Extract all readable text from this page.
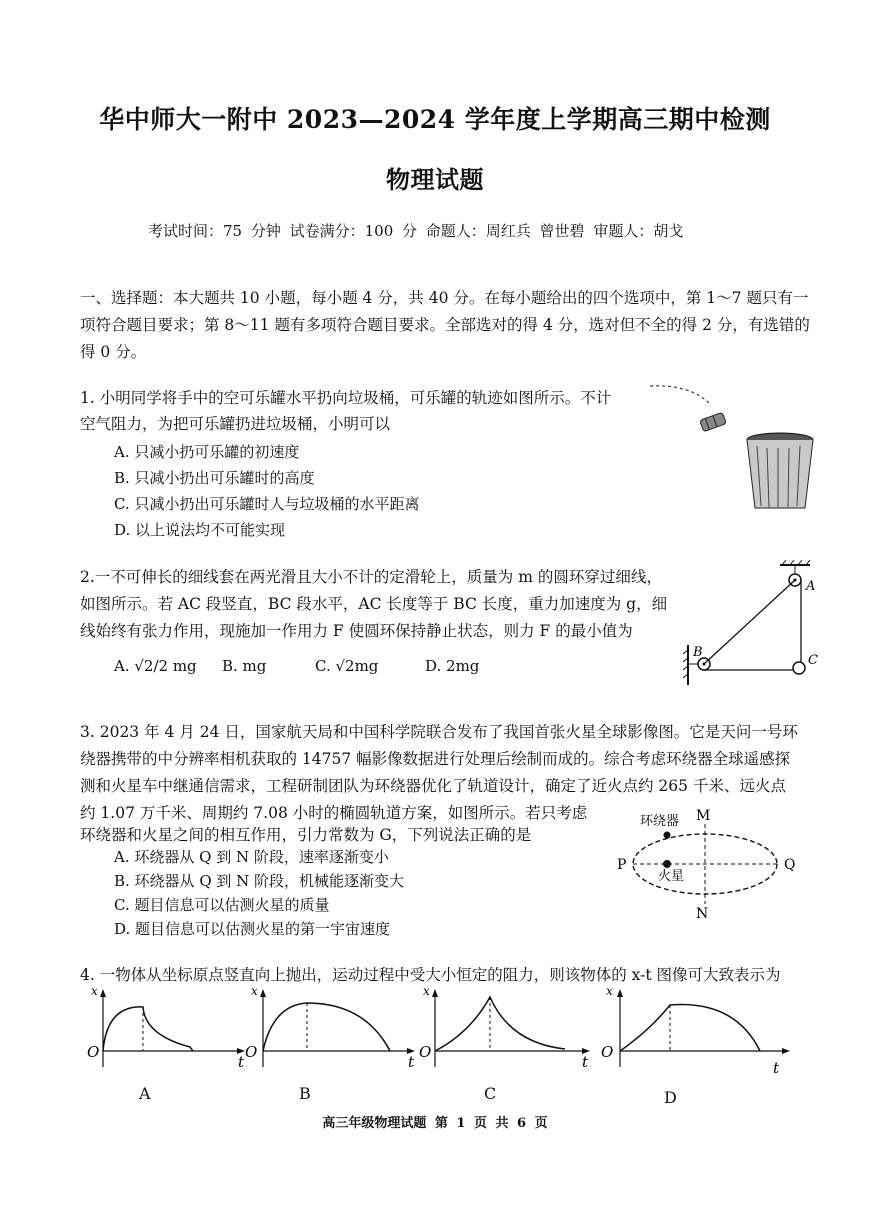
华中师大一附中 2023—2024 学年度上学期高三期中检测
物理试题
考试时间：75 分钟 试卷满分：100 分 命题人：周红兵 曾世碧 审题人：胡戈
一、选择题：本大题共 10 小题，每小题 4 分，共 40 分。在每小题给出的四个选项中，第 1～7 题只有一项符合题目要求；第 8～11 题有多项符合题目要求。全部选对的得 4 分，选对但不全的得 2 分，有选错的得 0 分。
1. 小明同学将手中的空可乐罐水平扔向垃圾桶，可乐罐的轨迹如图所示。不计
空气阻力，为把可乐罐扔进垃圾桶，小明可以
A. 只减小扔可乐罐的初速度
B. 只减小扔出可乐罐时的高度
C. 只减小扔出可乐罐时人与垃圾桶的水平距离
D. 以上说法均不可能实现
2.一不可伸长的细线套在两光滑且大小不计的定滑轮上，质量为 m 的圆环穿过细线，
如图所示。若 AC 段竖直，BC 段水平，AC 长度等于 BC 长度，重力加速度为 g，细
线始终有张力作用，现施加一作用力 F 使圆环保持静止状态，则力 F 的最小值为
A. √2/2 mg B. mg	C. √2mg	D. 2mg
A
B
C
3. 2023 年 4 月 24 日，国家航天局和中国科学院联合发布了我国首张火星全球影像图。它是天问一号环
绕器携带的中分辨率相机获取的 14757 幅影像数据进行处理后绘制而成的。综合考虑环绕器全球遥感探
测和火星车中继通信需求，工程研制团队为环绕器优化了轨道设计，确定了近火点约 265 千米、远火点
约 1.07 万千米、周期约 7.08 小时的椭圆轨道方案，如图所示。若只考虑
环绕器和火星之间的相互作用，引力常数为 G，下列说法正确的是
A. 环绕器从 Q 到 N 阶段，速率逐渐变小
B. 环绕器从 Q 到 N 阶段，机械能逐渐变大
C. 题目信息可以估测火星的质量
D. 题目信息可以估测火星的第一宇宙速度
环绕器
火星
M
N
P	Q
4. 一物体从坐标原点竖直向上抛出，运动过程中受大小恒定的阻力，则该物体的 x-t 图像可大致表示为
O
x
t
O
x
t
O
x
t
O
x
t
A	B	C	D
高三年级物理试题 第 1 页 共 6 页
